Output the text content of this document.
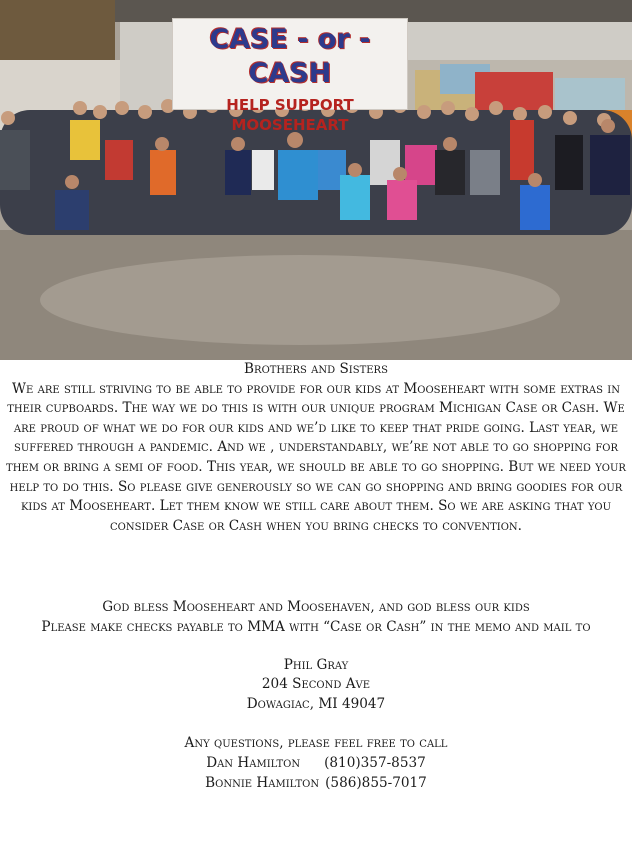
CASE - or - CASH
HELP SUPPORT MOOSEHEART

Brothers and Sisters

We are still striving to be able to provide for our kids at Mooseheart with some extras in their cupboards. The way we do this is with our unique program Michigan Case or Cash. We are proud of what we do for our kids and we’d like to keep that pride going. Last year, we suffered through a pandemic. And we , understandably, we’re not able to go shopping for them or bring a semi of food. This year, we should be able to go shopping. But we need your help to do this. So please give generously so we can go shopping and bring goodies for our kids at Mooseheart. Let them know we still care about them. So we are asking that you consider Case or Cash when you bring checks to convention.

God bless Mooseheart and Moosehaven, and god bless our kids

Please make checks payable to MMA with “Case or Cash” in the memo and mail to

Phil Gray

204 Second Ave

Dowagiac, MI 49047

Any questions, please feel free to call

Dan Hamilton (810)357-8537
Bonnie Hamilton (586)855-7017
